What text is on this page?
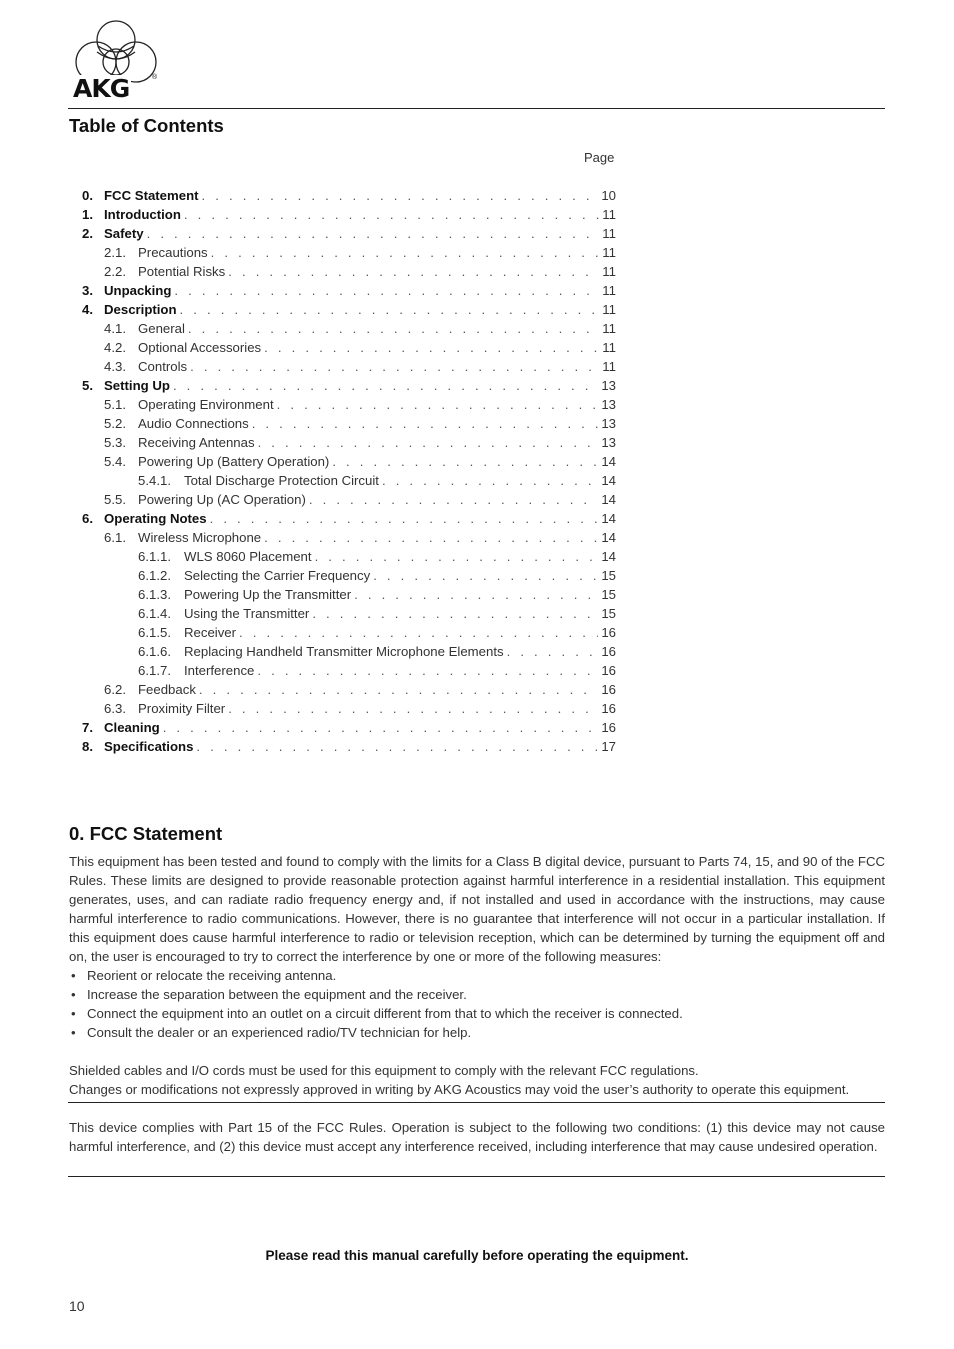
AKG	®
Table of Contents
Page
0. FCC Statement . . .	10
1. Introduction . . .	11
2. Safety . . .	11
2.1. Precautions . . .	11
2.2. Potential Risks . . .	11
3. Unpacking . . .	11
4. Description . . .	11
4.1. General . . .	11
4.2. Optional Accessories . . .	11
4.3. Controls . . .	11
5. Setting Up . . .	13
5.1. Operating Environment . . .	13
5.2. Audio Connections . . .	13
5.3. Receiving Antennas . . .	13
5.4. Powering Up (Battery Operation) . . .	14
5.4.1. Total Discharge Protection Circuit . . .	14
5.5. Powering Up (AC Operation) . . .	14
6. Operating Notes . . .	14
6.1. Wireless Microphone . . .	14
6.1.1. WLS 8060 Placement . . .	14
6.1.2. Selecting the Carrier Frequency . . .	15
6.1.3. Powering Up the Transmitter . . .	15
6.1.4. Using the Transmitter . . .	15
6.1.5. Receiver . . .	16
6.1.6. Replacing Handheld Transmitter Microphone Elements . . .	16
6.1.7. Interference . . .	16
6.2. Feedback . . .	16
6.3. Proximity Filter . . .	16
7. Cleaning . . .	16
8. Specifications . . .	17
0. FCC Statement

This equipment has been tested and found to comply with the limits for a Class B digital device, pursuant to Parts 74, 15, and 90 of the FCC Rules. These limits are designed to provide reasonable protection against harmful interference in a residential installation. This equipment generates, uses, and can radiate radio frequency energy and, if not installed and used in accordance with the instructions, may cause harmful interference to radio communications. However, there is no guarantee that interference will not occur in a particular installation. If this equipment does cause harmful interference to radio or television reception, which can be determined by turning the equipment off and on, the user is encouraged to try to correct the interference by one or more of the following measures:

• Reorient or relocate the receiving antenna.
• Increase the separation between the equipment and the receiver.
• Connect the equipment into an outlet on a circuit different from that to which the receiver is connected.
• Consult the dealer or an experienced radio/TV technician for help.
Shielded cables and I/O cords must be used for this equipment to comply with the relevant FCC regulations.
Changes or modifications not expressly approved in writing by AKG Acoustics may void the user’s authority to operate this equipment.
This device complies with Part 15 of the FCC Rules. Operation is subject to the following two conditions: (1) this device may not cause harmful interference, and (2) this device must accept any interference received, including interference that may cause undesired operation.
Please read this manual carefully before operating the equipment.
10
